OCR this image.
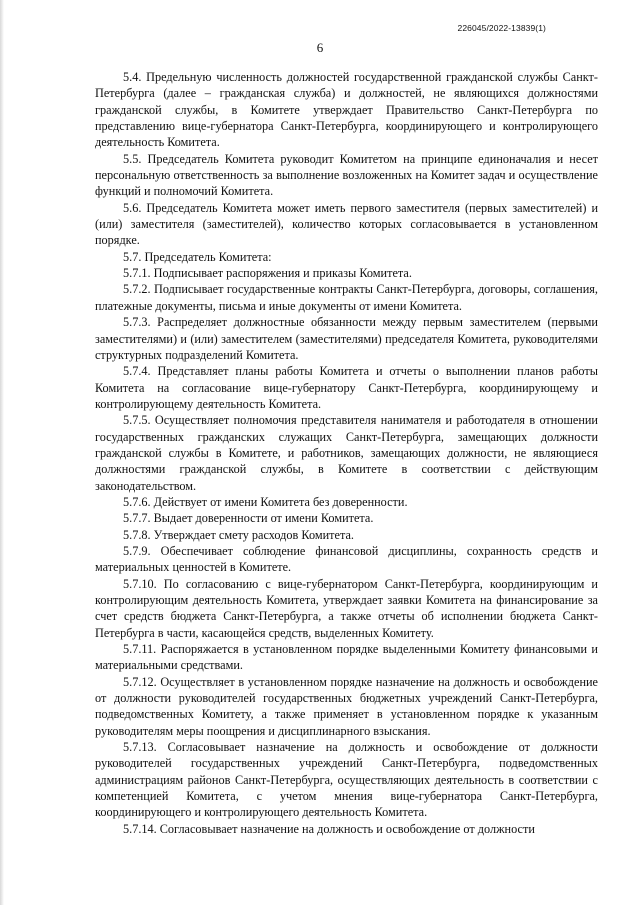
226045/2022-13839(1)
6

5.4. Предельную численность должностей государственной гражданской службы Санкт-Петербурга (далее – гражданская служба) и должностей, не являющихся должностями гражданской службы, в Комитете утверждает Правительство Санкт-Петербурга по представлению вице-губернатора Санкт-Петербурга, координирующего и контролирующего деятельность Комитета.

5.5. Председатель Комитета руководит Комитетом на принципе единоначалия и несет персональную ответственность за выполнение возложенных на Комитет задач и осуществление функций и полномочий Комитета.

5.6. Председатель Комитета может иметь первого заместителя (первых заместителей) и (или) заместителя (заместителей), количество которых согласовывается в установленном порядке.

5.7. Председатель Комитета:

5.7.1. Подписывает распоряжения и приказы Комитета.

5.7.2. Подписывает государственные контракты Санкт-Петербурга, договоры, соглашения, платежные документы, письма и иные документы от имени Комитета.

5.7.3. Распределяет должностные обязанности между первым заместителем (первыми заместителями) и (или) заместителем (заместителями) председателя Комитета, руководителями структурных подразделений Комитета.

5.7.4. Представляет планы работы Комитета и отчеты о выполнении планов работы Комитета на согласование вице-губернатору Санкт-Петербурга, координирующему и контролирующему деятельность Комитета.

5.7.5. Осуществляет полномочия представителя нанимателя и работодателя в отношении государственных гражданских служащих Санкт-Петербурга, замещающих должности гражданской службы в Комитете, и работников, замещающих должности, не являющиеся должностями гражданской службы, в Комитете в соответствии с действующим законодательством.

5.7.6. Действует от имени Комитета без доверенности.

5.7.7. Выдает доверенности от имени Комитета.

5.7.8. Утверждает смету расходов Комитета.

5.7.9. Обеспечивает соблюдение финансовой дисциплины, сохранность средств и материальных ценностей в Комитете.

5.7.10. По согласованию с вице-губернатором Санкт-Петербурга, координирующим и контролирующим деятельность Комитета, утверждает заявки Комитета на финансирование за счет средств бюджета Санкт-Петербурга, а также отчеты об исполнении бюджета Санкт-Петербурга в части, касающейся средств, выделенных Комитету.

5.7.11. Распоряжается в установленном порядке выделенными Комитету финансовыми и материальными средствами.

5.7.12. Осуществляет в установленном порядке назначение на должность и освобождение от должности руководителей государственных бюджетных учреждений Санкт-Петербурга, подведомственных Комитету, а также применяет в установленном порядке к указанным руководителям меры поощрения и дисциплинарного взыскания.

5.7.13. Согласовывает назначение на должность и освобождение от должности руководителей государственных учреждений Санкт-Петербурга, подведомственных администрациям районов Санкт-Петербурга, осуществляющих деятельность в соответствии с компетенцией Комитета, с учетом мнения вице-губернатора Санкт-Петербурга, координирующего и контролирующего деятельность Комитета.

5.7.14. Согласовывает назначение на должность и освобождение от должности
